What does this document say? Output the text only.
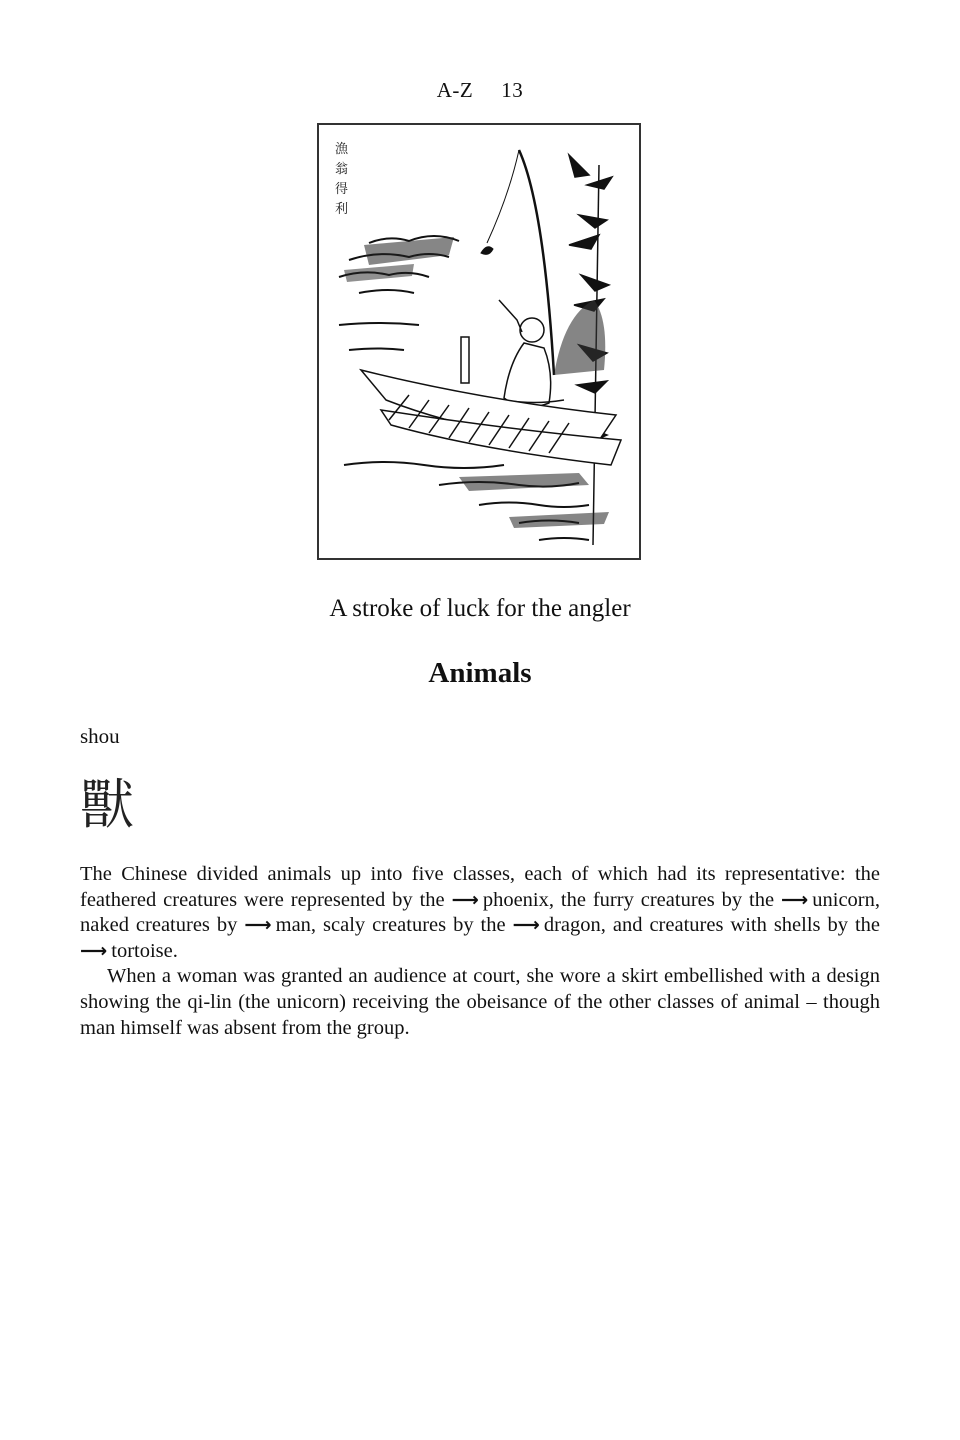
A-Z 13
漁
翁
得
利
A stroke of luck for the angler
Animals
shou
獸

The Chinese divided animals up into five classes, each of which had its representative: the feathered creatures were represented by the ⟶ phoenix, the furry creatures by the ⟶ unicorn, naked creatures by ⟶ man, scaly creatures by the ⟶ dragon, and creatures with shells by the ⟶ tortoise.

When a woman was granted an audience at court, she wore a skirt embellished with a design showing the qi-lin (the unicorn) receiving the obeisance of the other classes of animal – though man himself was absent from the group.
